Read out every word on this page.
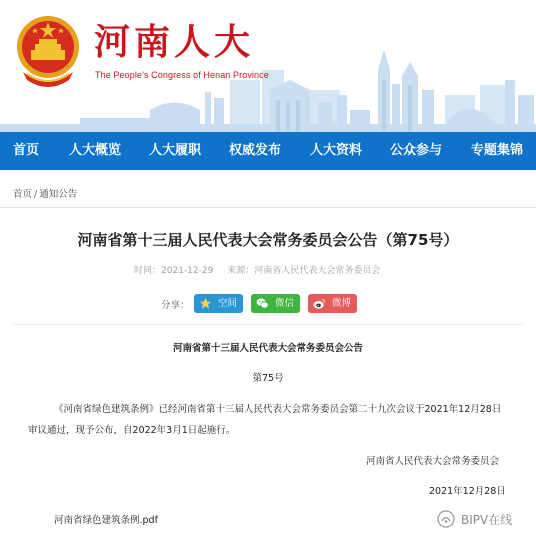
河南人大
The People’s Congress of Henan Province
首页 人大概览 人大履职 权威发布 人大资料 公众参与 专题集锦
首页 / 通知公告
河南省第十三届人民代表大会常务委员会公告（第75号）
时间：2021-12-29 来源：河南省人民代表大会常务委员会
分享：	空间	微信	微博
河南省第十三届人民代表大会常务委员会公告
第75号
《河南省绿色建筑条例》已经河南省第十三届人民代表大会常务委员会第二十九次会议于2021年12月28日
审议通过，现予公布，自2022年3月1日起施行。
河南省人民代表大会常务委员会
2021年12月28日
河南省绿色建筑条例.pdf	BIPV在线
